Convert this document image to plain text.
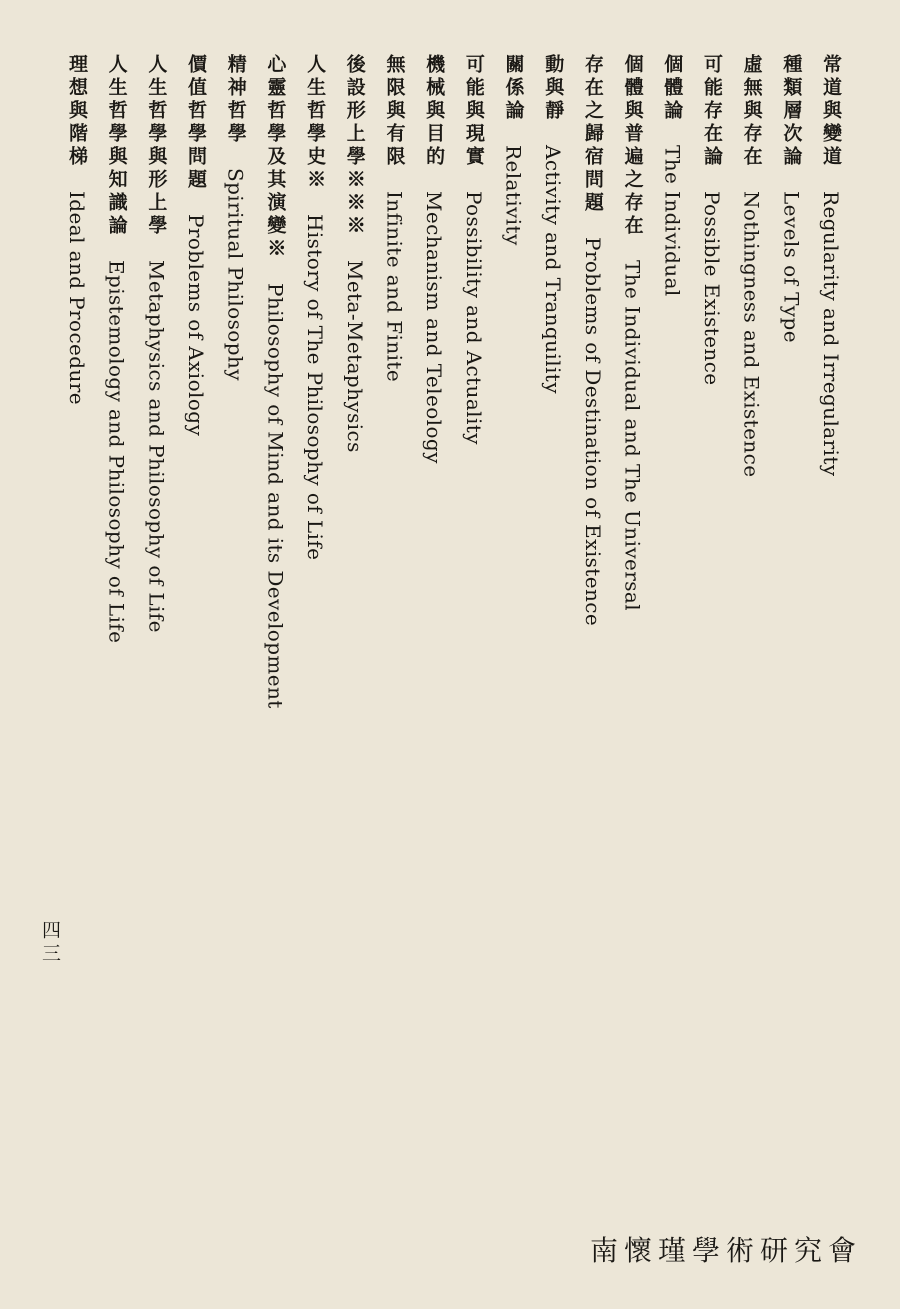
常道與變道Regularity and Irregularity
種類層次論Levels of Type
虛無與存在Nothingness and Existence
可能存在論Possible Existence
個體論The Individual
個體與普遍之存在The Individual and The Universal
存在之歸宿問題Problems of Destination of Existence
動與靜Activity and Tranquility
關係論Relativity
可能與現實Possibility and Actuality
機械與目的Mechanism and Teleology
無限與有限Infinite and Finite
後設形上學※※※Meta-Metaphysics
人生哲學史※History of The Philosophy of Life
心靈哲學及其演變※Philosophy of Mind and its Development
精神哲學Spiritual Philosophy
價值哲學問題Problems of Axiology
人生哲學與形上學Metaphysics and Philosophy of Life
人生哲學與知識論Epistemology and Philosophy of Life
理想與階梯Ideal and Procedure
四三
南懷瑾學術研究會
